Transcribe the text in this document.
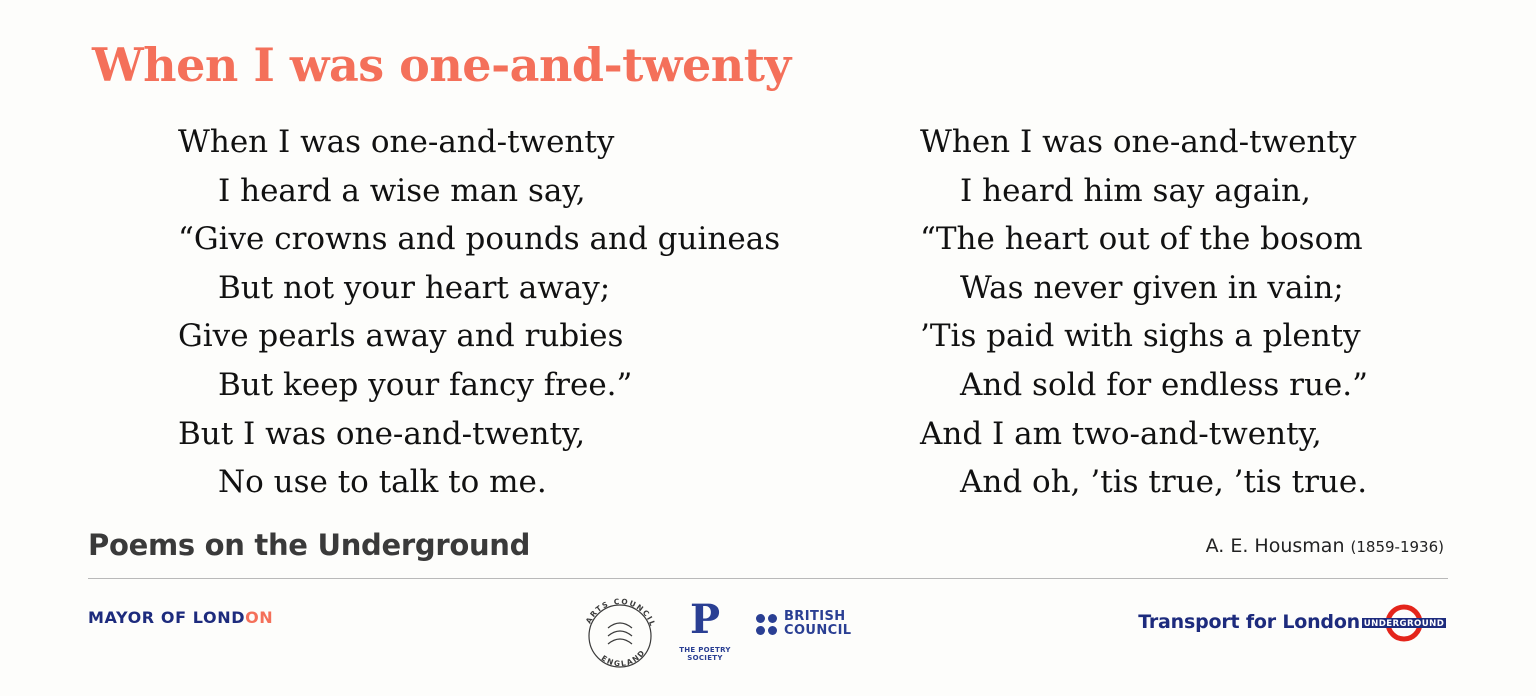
When I was one-and-twenty
When I was one-and-twenty
I heard a wise man say,
“Give crowns and pounds and guineas
But not your heart away;
Give pearls away and rubies
But keep your fancy free.”
But I was one-and-twenty,
No use to talk to me.
When I was one-and-twenty
I heard him say again,
“The heart out of the bosom
Was never given in vain;
’Tis paid with sighs a plenty
And sold for endless rue.”
And I am two-and-twenty,
And oh, ’tis true, ’tis true.
Poems on the Underground	A. E. Housman (1859-1936)
MAYOR OF LONDON	ARTS COUNCIL
ENGLAND
P
THE POETRY SOCIETY
BRITISH
COUNCIL	Transport for London UNDERGROUND
